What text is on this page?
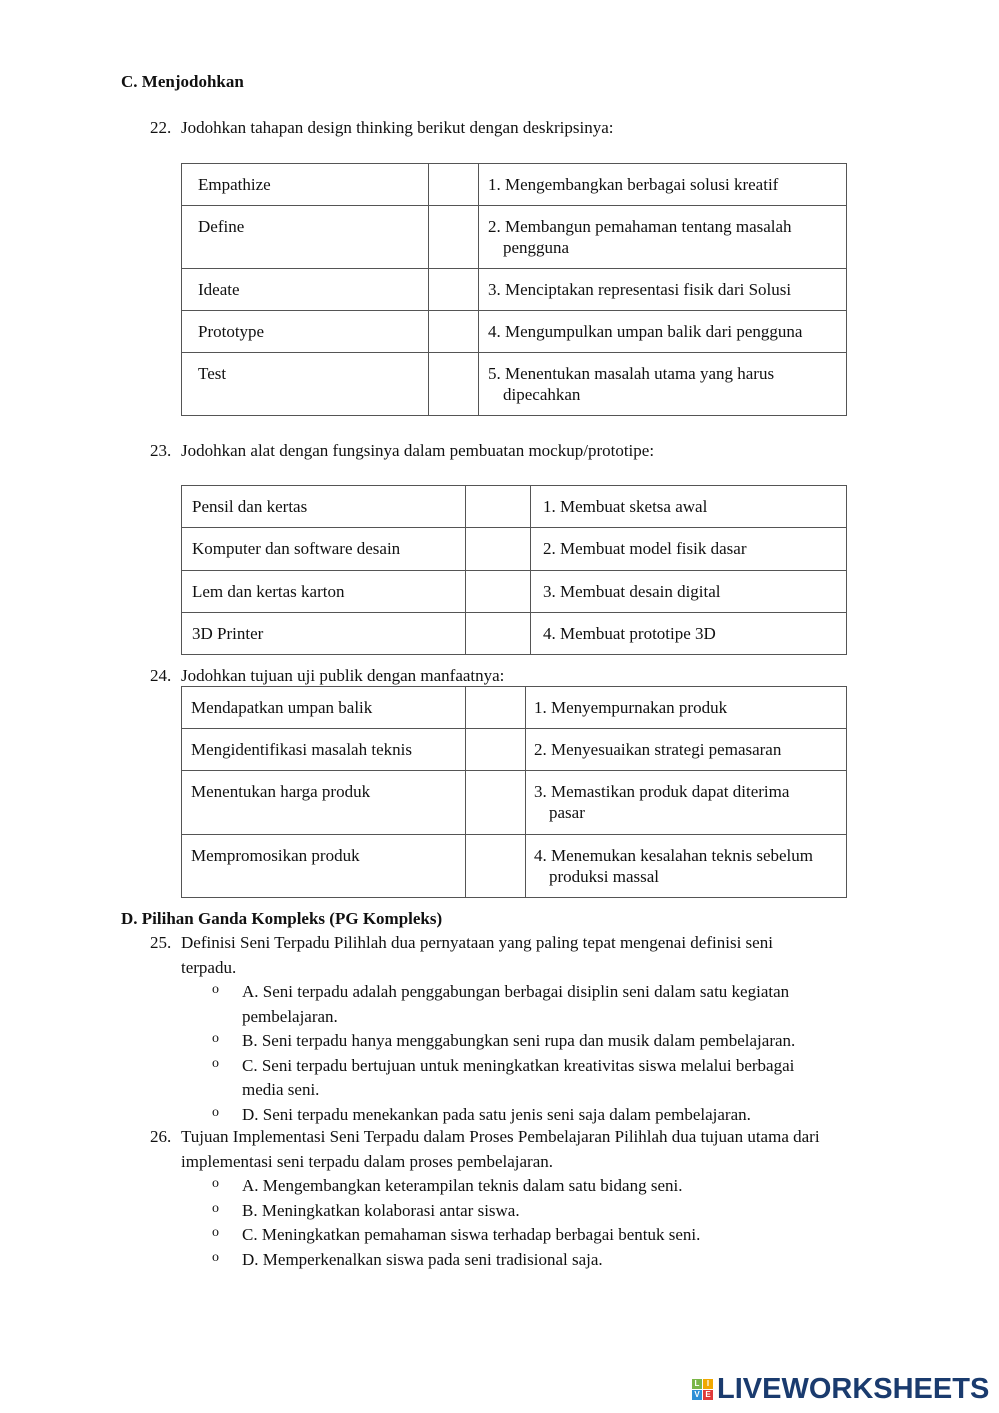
C. Menjodohkan
22. Jodohkan tahapan design thinking berikut dengan deskripsinya:
Empathize		1. Mengembangkan berbagai solusi kreatif

Define		2. Membangun pemahaman tentang masalah
pengguna

Ideate		3. Menciptakan representasi fisik dari Solusi

Prototype		4. Mengumpulkan umpan balik dari pengguna

Test		5. Menentukan masalah utama yang harus
dipecahkan
23. Jodohkan alat dengan fungsinya dalam pembuatan mockup/prototipe:
Pensil dan kertas		1. Membuat sketsa awal

Komputer dan software desain		2. Membuat model fisik dasar

Lem dan kertas karton		3. Membuat desain digital

3D Printer		4. Membuat prototipe 3D
24. Jodohkan tujuan uji publik dengan manfaatnya:
Mendapatkan umpan balik		1. Menyempurnakan produk

Mengidentifikasi masalah teknis		2. Menyesuaikan strategi pemasaran

Menentukan harga produk		3. Memastikan produk dapat diterima
pasar

Mempromosikan produk		4. Menemukan kesalahan teknis sebelum
produksi massal
D. Pilihan Ganda Kompleks (PG Kompleks)
25. Definisi Seni Terpadu Pilihlah dua pernyataan yang paling tepat mengenai definisi seni
terpadu.
o A. Seni terpadu adalah penggabungan berbagai disiplin seni dalam satu kegiatan
pembelajaran.
o B. Seni terpadu hanya menggabungkan seni rupa dan musik dalam pembelajaran.
o C. Seni terpadu bertujuan untuk meningkatkan kreativitas siswa melalui berbagai
media seni.
o D. Seni terpadu menekankan pada satu jenis seni saja dalam pembelajaran.
26. Tujuan Implementasi Seni Terpadu dalam Proses Pembelajaran Pilihlah dua tujuan utama dari
implementasi seni terpadu dalam proses pembelajaran.
o A. Mengembangkan keterampilan teknis dalam satu bidang seni.
o B. Meningkatkan kolaborasi antar siswa.
o C. Meningkatkan pemahaman siswa terhadap berbagai bentuk seni.
o D. Memperkenalkan siswa pada seni tradisional saja.
L I
V E LIVEWORKSHEETS
